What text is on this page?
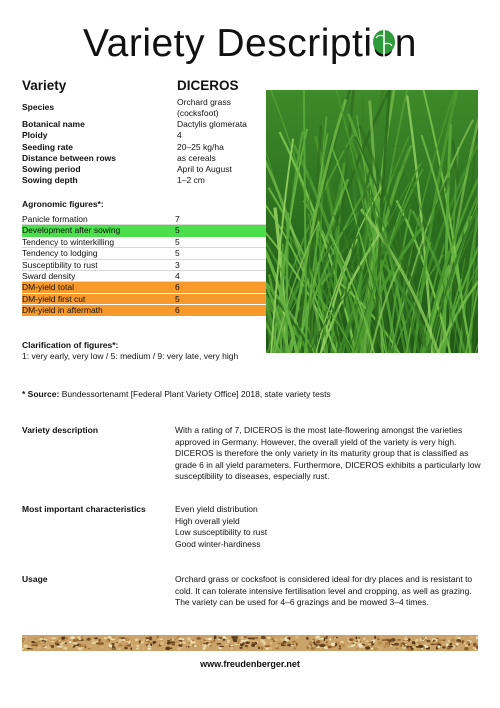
Variety Descripti n
Variety	DICEROS
Species	Orchard grass
(cocksfoot)
Botanical name	Dactylis glomerata
Ploidy	4
Seeding rate	20–25 kg/ha
Distance between rows	as cereals
Sowing period	April to August
Sowing depth	1–2 cm
Agronomic figures*:
Panicle formation	7
Development after sowing	5
Tendency to winterkilling	5
Tendency to lodging	5
Susceptibility to rust	3
Sward density	4
DM-yield total	6
DM-yield first cut	5
DM-yield in aftermath	6
Clarification of figures*:
1: very early, very low / 5: medium / 9: very late, very high
* Source: Bundessortenamt [Federal Plant Variety Office] 2018, state variety tests
Variety description	With a rating of 7, DICEROS is the most late-flowering amongst the varieties approved in Germany. However, the overall yield of the variety is very high. DICEROS is therefore the only variety in its maturity group that is classified as grade 6 in all yield parameters. Furthermore, DICEROS exhibits a particularly low susceptibility to diseases, especially rust.
Most important characteristics	Even yield distribution
High overall yield
Low susceptibility to rust
Good winter-hardiness
Usage	Orchard grass or cocksfoot is considered ideal for dry places and is resistant to cold. It can tolerate intensive fertilisation level and cropping, as well as grazing. The variety can be used for 4–6 grazings and be mowed 3–4 times.
www.freudenberger.net
